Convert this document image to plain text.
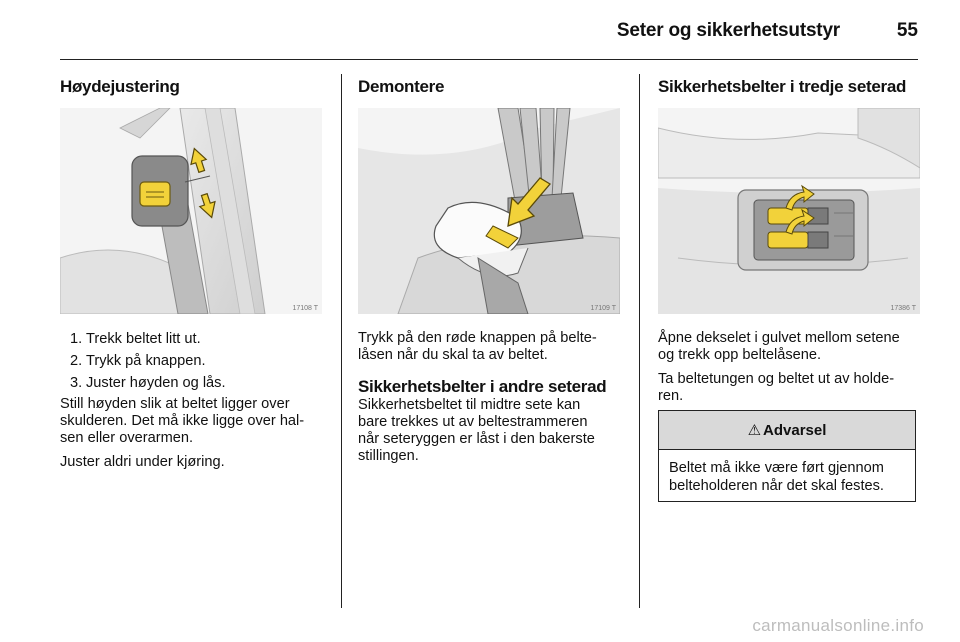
Seter og sikkerhetsutstyr	55
Høydejustering
17108 T
1. Trekk beltet litt ut.
2. Trykk på knappen.
3. Juster høyden og lås.
Still høyden slik at beltet ligger over
skulderen. Det må ikke ligge over hal-
sen eller overarmen.
Juster aldri under kjøring.
Demontere
17109 T
Trykk på den røde knappen på belte-
låsen når du skal ta av beltet.
Sikkerhetsbelter i andre seterad
Sikkerhetsbeltet til midtre sete kan
bare trekkes ut av beltestrammeren
når seteryggen er låst i den bakerste
stillingen.
Sikkerhetsbelter i tredje seterad
17386 T
Åpne dekselet i gulvet mellom setene
og trekk opp beltelåsene.
Ta beltetungen og beltet ut av holde-
ren.
⚠ Advarsel
Beltet må ikke være ført gjennom
belteholderen når det skal festes.
carmanualsonline.info
